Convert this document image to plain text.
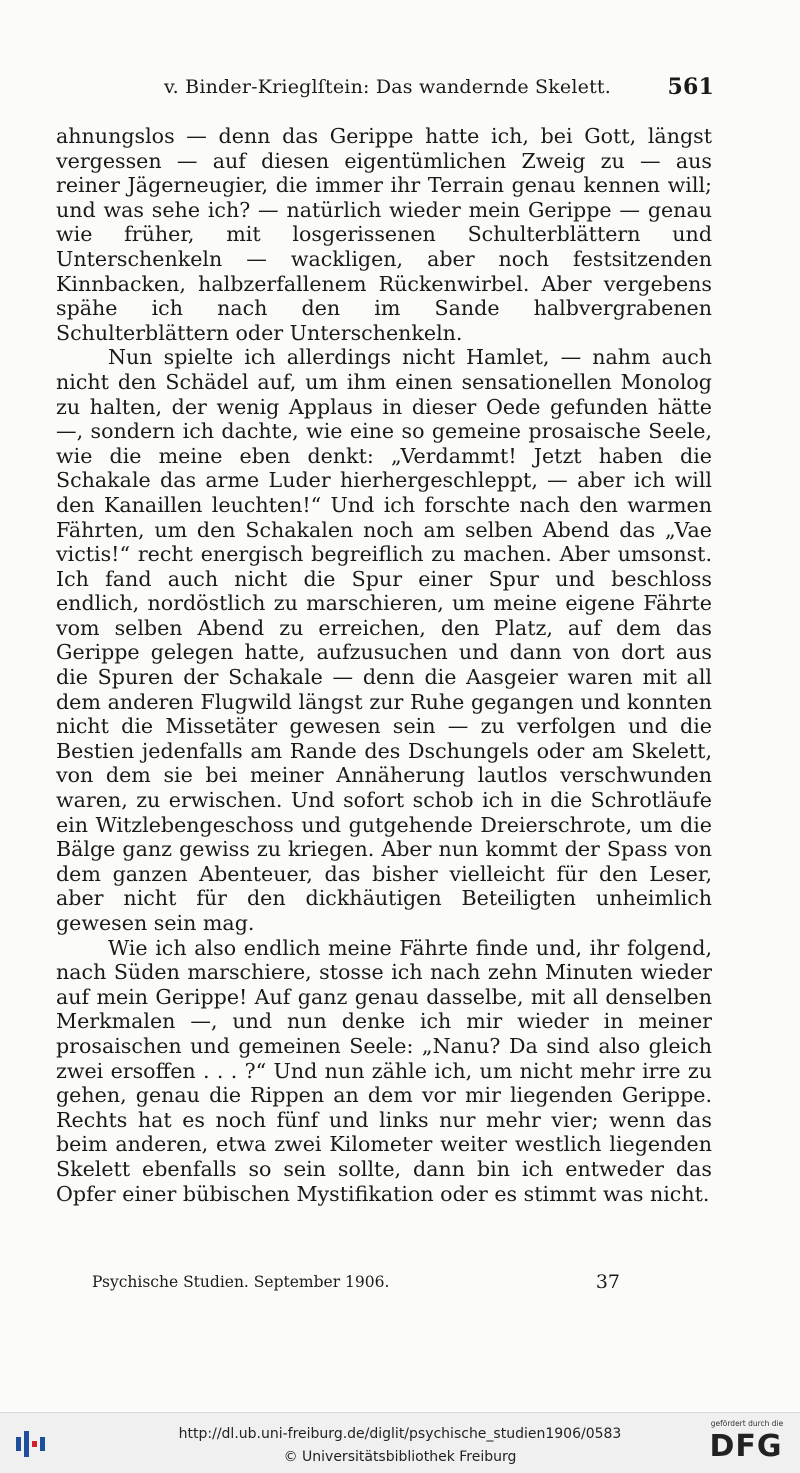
v. Binder-Krieglſtein: Das wandernde Skelett.	561

ahnungslos — denn das Gerippe hatte ich, bei Gott, längst vergessen — auf diesen eigentümlichen Zweig zu — aus reiner Jägerneugier, die immer ihr Terrain genau kennen will; und was sehe ich? — natürlich wieder mein Gerippe — genau wie früher, mit losgerissenen Schulterblättern und Unterschenkeln — wackligen, aber noch festsitzenden Kinnbacken, halbzerfallenem Rückenwirbel. Aber vergebens spähe ich nach den im Sande halbvergrabenen Schulterblättern oder Unterschenkeln.

Nun spielte ich allerdings nicht Hamlet, — nahm auch nicht den Schädel auf, um ihm einen sensationellen Monolog zu halten, der wenig Applaus in dieser Oede gefunden hätte —, sondern ich dachte, wie eine so gemeine prosaische Seele, wie die meine eben denkt: „Verdammt! Jetzt haben die Schakale das arme Luder hierhergeschleppt, — aber ich will den Kanaillen leuchten!“ Und ich forschte nach den warmen Fährten, um den Schakalen noch am selben Abend das „Vae victis!“ recht energisch begreiflich zu machen. Aber umsonst. Ich fand auch nicht die Spur einer Spur und beschloss endlich, nordöstlich zu marschieren, um meine eigene Fährte vom selben Abend zu erreichen, den Platz, auf dem das Gerippe gelegen hatte, aufzusuchen und dann von dort aus die Spuren der Schakale — denn die Aasgeier waren mit all dem anderen Flugwild längst zur Ruhe gegangen und konnten nicht die Missetäter gewesen sein — zu verfolgen und die Bestien jedenfalls am Rande des Dschungels oder am Skelett, von dem sie bei meiner Annäherung lautlos verschwunden waren, zu erwischen. Und sofort schob ich in die Schrotläufe ein Witzlebengeschoss und gutgehende Dreierschrote, um die Bälge ganz gewiss zu kriegen. Aber nun kommt der Spass von dem ganzen Abenteuer, das bisher vielleicht für den Leser, aber nicht für den dickhäutigen Beteiligten unheimlich gewesen sein mag.

Wie ich also endlich meine Fährte finde und, ihr folgend, nach Süden marschiere, stosse ich nach zehn Minuten wieder auf mein Gerippe! Auf ganz genau dasselbe, mit all denselben Merkmalen —, und nun denke ich mir wieder in meiner prosaischen und gemeinen Seele: „Nanu? Da sind also gleich zwei ersoffen . . . ?“ Und nun zähle ich, um nicht mehr irre zu gehen, genau die Rippen an dem vor mir liegenden Gerippe. Rechts hat es noch fünf und links nur mehr vier; wenn das beim anderen, etwa zwei Kilometer weiter westlich liegenden Skelett ebenfalls so sein sollte, dann bin ich entweder das Opfer einer bübischen Mystifikation oder es stimmt was nicht.

Psychische Studien. September 1906.	37
http://dl.ub.uni-freiburg.de/diglit/psychische_studien1906/0583
© Universitätsbibliothek Freiburg
gefördert durch die
DFG
